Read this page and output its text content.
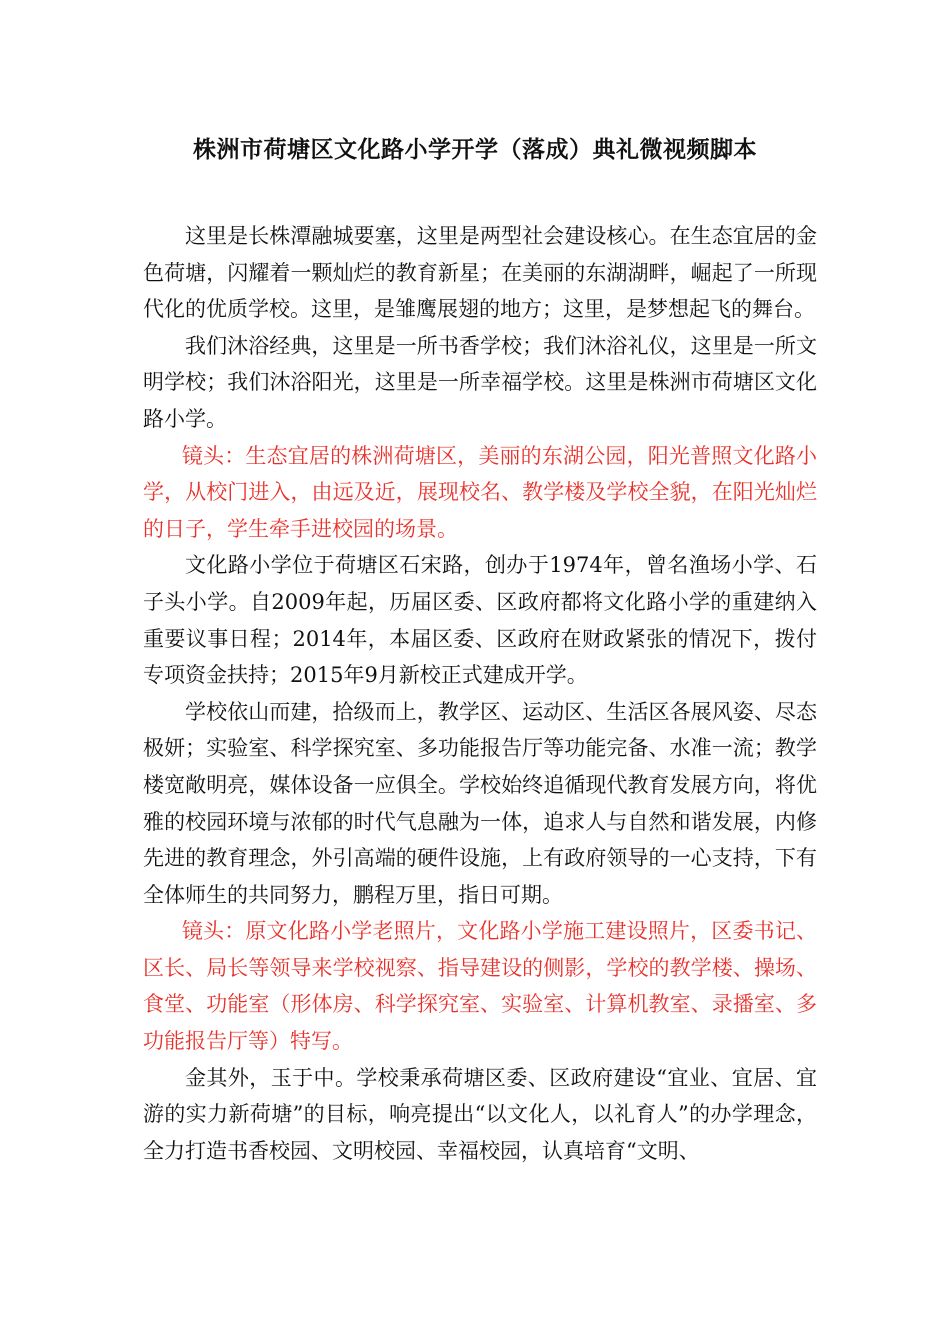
株洲市荷塘区文化路小学开学（落成）典礼微视频脚本

这里是长株潭融城要塞，这里是两型社会建设核心。在生态宜居的金色荷塘，闪耀着一颗灿烂的教育新星；在美丽的东湖湖畔，崛起了一所现代化的优质学校。这里，是雏鹰展翅的地方；这里，是梦想起飞的舞台。

我们沐浴经典，这里是一所书香学校；我们沐浴礼仪，这里是一所文明学校；我们沐浴阳光，这里是一所幸福学校。这里是株洲市荷塘区文化路小学。

镜头：生态宜居的株洲荷塘区，美丽的东湖公园，阳光普照文化路小学，从校门进入，由远及近，展现校名、教学楼及学校全貌，在阳光灿烂的日子，学生牵手进校园的场景。

文化路小学位于荷塘区石宋路，创办于1974年，曾名渔场小学、石子头小学。自2009年起，历届区委、区政府都将文化路小学的重建纳入重要议事日程；2014年，本届区委、区政府在财政紧张的情况下，拨付专项资金扶持；2015年9月新校正式建成开学。

学校依山而建，拾级而上，教学区、运动区、生活区各展风姿、尽态极妍；实验室、科学探究室、多功能报告厅等功能完备、水准一流；教学楼宽敞明亮，媒体设备一应俱全。学校始终追循现代教育发展方向，将优雅的校园环境与浓郁的时代气息融为一体，追求人与自然和谐发展，内修先进的教育理念，外引高端的硬件设施，上有政府领导的一心支持，下有全体师生的共同努力，鹏程万里，指日可期。

镜头：原文化路小学老照片，文化路小学施工建设照片，区委书记、区长、局长等领导来学校视察、指导建设的侧影，学校的教学楼、操场、食堂、功能室（形体房、科学探究室、实验室、计算机教室、录播室、多功能报告厅等）特写。

金其外，玉于中。学校秉承荷塘区委、区政府建设“宜业、宜居、宜游的实力新荷塘”的目标，响亮提出“以文化人，以礼育人”的办学理念，全力打造书香校园、文明校园、幸福校园，认真培育“文明、
